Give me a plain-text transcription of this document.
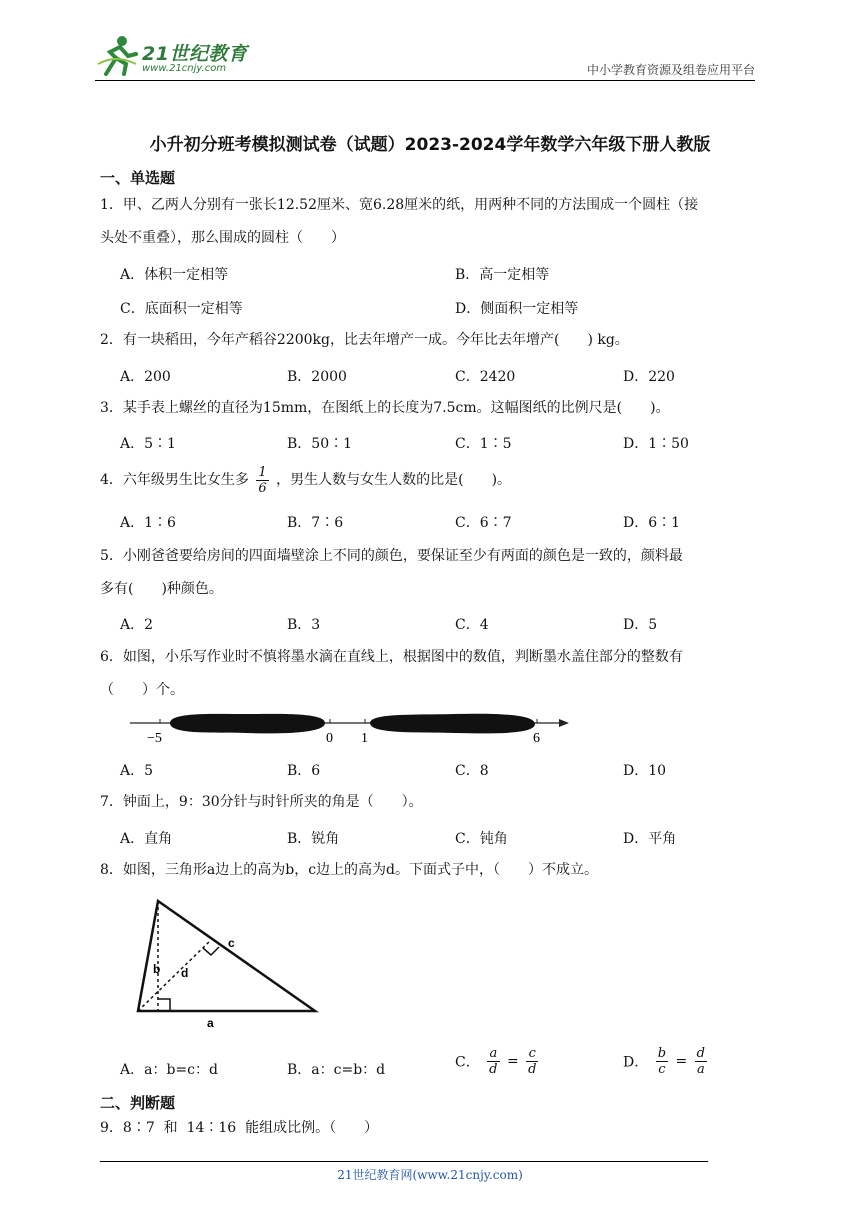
21世纪教育
www.21cnjy.com	中小学教育资源及组卷应用平台
小升初分班考模拟测试卷（试题）2023-2024学年数学六年级下册人教版
一、单选题
1．甲、乙两人分别有一张长12.52厘米、宽6.28厘米的纸，用两种不同的方法围成一个圆柱（接
头处不重叠），那么围成的圆柱（　　）
A．体积一定相等	B．高一定相等
C．底面积一定相等	D．侧面积一定相等
2．有一块稻田，今年产稻谷2200kg，比去年增产一成。今年比去年增产(　　) kg。
A．200	B．2000	C．2420	D．220
3．某手表上螺丝的直径为15mm，在图纸上的长度为7.5cm。这幅图纸的比例尺是(　　)。
A．5∶1	B．50∶1	C．1∶5	D．1∶50
4．六年级男生比女生多 $\frac{1}{6}$ ，男生人数与女生人数的比是(　　)。
A．1∶6	B．7∶6	C．6∶7	D．6∶1
5．小刚爸爸要给房间的四面墙壁涂上不同的颜色，要保证至少有两面的颜色是一致的，颜料最
多有(　　)种颜色。
A．2	B．3	C．4	D．5
6．如图，小乐写作业时不慎将墨水滴在直线上，根据图中的数值，判断墨水盖住部分的整数有
（　　）个。
−5	0 1	6
A．5	B．6	C．8	D．10
7．钟面上，9：30分针与时针所夹的角是（　　）。
A．直角	B．锐角	C．钝角	D．平角
8．如图，三角形a边上的高为b，c边上的高为d。下面式子中，（　　）不成立。
b d
c
a
A．a：b=c：d	B．a：c=b：d	C． $\frac{a}{d} = \frac{c}{d}$	D． $\frac{b}{c} = \frac{d}{a}$
二、判断题
9．8∶7 和 14∶16 能组成比例。（　　）
21世纪教育网(www.21cnjy.com)
